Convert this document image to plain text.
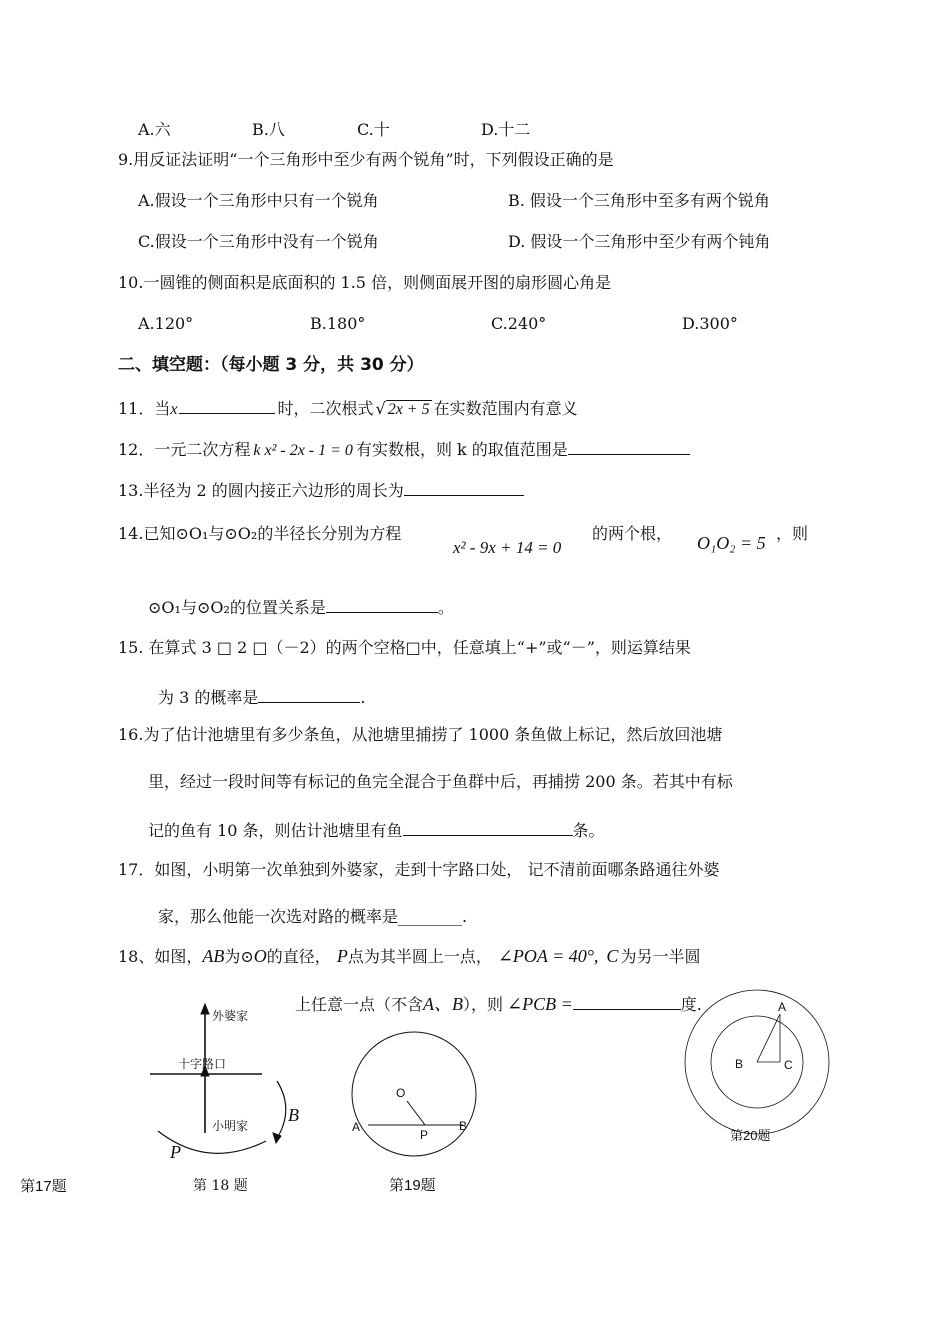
A.六	B.八	C.十	D.十二
9.用反证法证明“一个三角形中至少有两个锐角”时，下列假设正确的是
A.假设一个三角形中只有一个锐角	B. 假设一个三角形中至多有两个锐角
C.假设一个三角形中没有一个锐角	D. 假设一个三角形中至少有两个钝角
10.一圆锥的侧面积是底面积的 1.5 倍，则侧面展开图的扇形圆心角是
A.120°	B.180°	C.240°	D.300°
二、填空题：（每小题 3 分，共 30 分）
11．当x	时，二次根式 √ 2x + 5 在实数范围内有意义
12．一元二次方程 k x² - 2x - 1 = 0 有实数根，则 k 的取值范围是
13.半径为 2 的圆内接正六边形的周长为
14.已知⊙O₁与⊙O₂的半径长分别为方程
x² - 9x + 14 = 0
的两个根， O₁O₂ = 5 ，则
⊙O₁与⊙O₂的位置关系是	。
15. 在算式 3 □ 2 □（－2）的两个空格□中，任意填上“+”或“－”，则运算结果
为 3 的概率是	.
16.为了估计池塘里有多少条鱼，从池塘里捕捞了 1000 条鱼做上标记，然后放回池塘
里，经过一段时间等有标记的鱼完全混合于鱼群中后，再捕捞 200 条。若其中有标
记的鱼有 10 条，则估计池塘里有鱼	条。
17．如图，小明第一次单独到外婆家，走到十字路口处， 记不清前面哪条路通往外婆
家，那么他能一次选对路的概率是________.
18、如图，AB为⊙O的直径， P点为其半圆上一点， ∠POA = 40°, C 为另一半圆
上任意一点（不含A、B），则 ∠PCB =	度.
外婆家
十字路口
小明家
B
P
第17题	第 18 题
O
A
P
B
第19题
A
B	C
第20题
